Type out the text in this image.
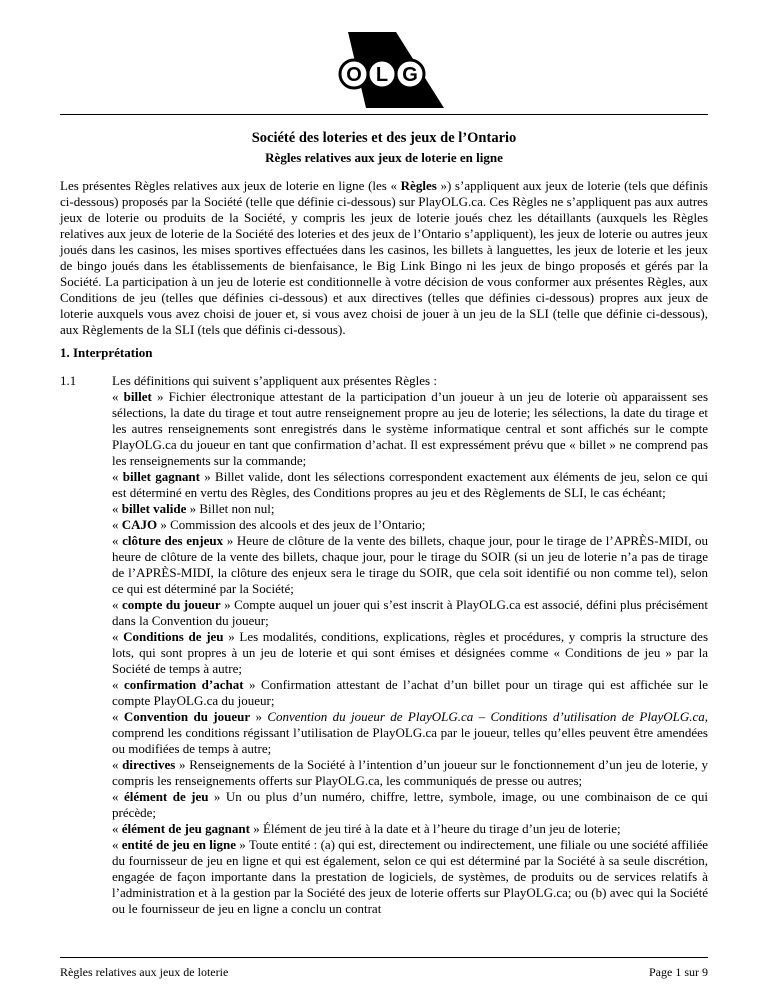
O L G
Société des loteries et des jeux de l’Ontario
Règles relatives aux jeux de loterie en ligne

Les présentes Règles relatives aux jeux de loterie en ligne (les « Règles ») s’appliquent aux jeux de loterie (tels que définis ci-dessous) proposés par la Société (telle que définie ci-dessous) sur PlayOLG.ca. Ces Règles ne s’appliquent pas aux autres jeux de loterie ou produits de la Société, y compris les jeux de loterie joués chez les détaillants (auxquels les Règles relatives aux jeux de loterie de la Société des loteries et des jeux de l’Ontario s’appliquent), les jeux de loterie ou autres jeux joués dans les casinos, les mises sportives effectuées dans les casinos, les billets à languettes, les jeux de loterie et les jeux de bingo joués dans les établissements de bienfaisance, le Big Link Bingo ni les jeux de bingo proposés et gérés par la Société. La participation à un jeu de loterie est conditionnelle à votre décision de vous conformer aux présentes Règles, aux Conditions de jeu (telles que définies ci-dessous) et aux directives (telles que définies ci-dessous) propres aux jeux de loterie auxquels vous avez choisi de jouer et, si vous avez choisi de jouer à un jeu de la SLI (telle que définie ci-dessous), aux Règlements de la SLI (tels que définis ci-dessous).

1. Interprétation
1.1	Les définitions qui suivent s’appliquent aux présentes Règles :
« billet » Fichier électronique attestant de la participation d’un joueur à un jeu de loterie où apparaissent ses sélections, la date du tirage et tout autre renseignement propre au jeu de loterie; les sélections, la date du tirage et les autres renseignements sont enregistrés dans le système informatique central et sont affichés sur le compte PlayOLG.ca du joueur en tant que confirmation d’achat. Il est expressément prévu que « billet » ne comprend pas les renseignements sur la commande;
« billet gagnant » Billet valide, dont les sélections correspondent exactement aux éléments de jeu, selon ce qui est déterminé en vertu des Règles, des Conditions propres au jeu et des Règlements de SLI, le cas échéant;
« billet valide » Billet non nul;
« CAJO » Commission des alcools et des jeux de l’Ontario;
« clôture des enjeux » Heure de clôture de la vente des billets, chaque jour, pour le tirage de l’APRÈS-MIDI, ou heure de clôture de la vente des billets, chaque jour, pour le tirage du SOIR (si un jeu de loterie n’a pas de tirage de l’APRÈS-MIDI, la clôture des enjeux sera le tirage du SOIR, que cela soit identifié ou non comme tel), selon ce qui est déterminé par la Société;
« compte du joueur » Compte auquel un jouer qui s’est inscrit à PlayOLG.ca est associé, défini plus précisément dans la Convention du joueur;
« Conditions de jeu » Les modalités, conditions, explications, règles et procédures, y compris la structure des lots, qui sont propres à un jeu de loterie et qui sont émises et désignées comme « Conditions de jeu » par la Société de temps à autre;
« confirmation d’achat » Confirmation attestant de l’achat d’un billet pour un tirage qui est affichée sur le compte PlayOLG.ca du joueur;
« Convention du joueur » Convention du joueur de PlayOLG.ca – Conditions d’utilisation de PlayOLG.ca, comprend les conditions régissant l’utilisation de PlayOLG.ca par le joueur, telles qu’elles peuvent être amendées ou modifiées de temps à autre;
« directives » Renseignements de la Société à l’intention d’un joueur sur le fonctionnement d’un jeu de loterie, y compris les renseignements offerts sur PlayOLG.ca, les communiqués de presse ou autres;
« élément de jeu » Un ou plus d’un numéro, chiffre, lettre, symbole, image, ou une combinaison de ce qui précède;
« élément de jeu gagnant » Élément de jeu tiré à la date et à l’heure du tirage d’un jeu de loterie;
« entité de jeu en ligne » Toute entité : (a) qui est, directement ou indirectement, une filiale ou une société affiliée du fournisseur de jeu en ligne et qui est également, selon ce qui est déterminé par la Société à sa seule discrétion, engagée de façon importante dans la prestation de logiciels, de systèmes, de produits ou de services relatifs à l’administration et à la gestion par la Société des jeux de loterie offerts sur PlayOLG.ca; ou (b) avec qui la Société ou le fournisseur de jeu en ligne a conclu un contrat
Règles relatives aux jeux de loterie	Page 1 sur 9
